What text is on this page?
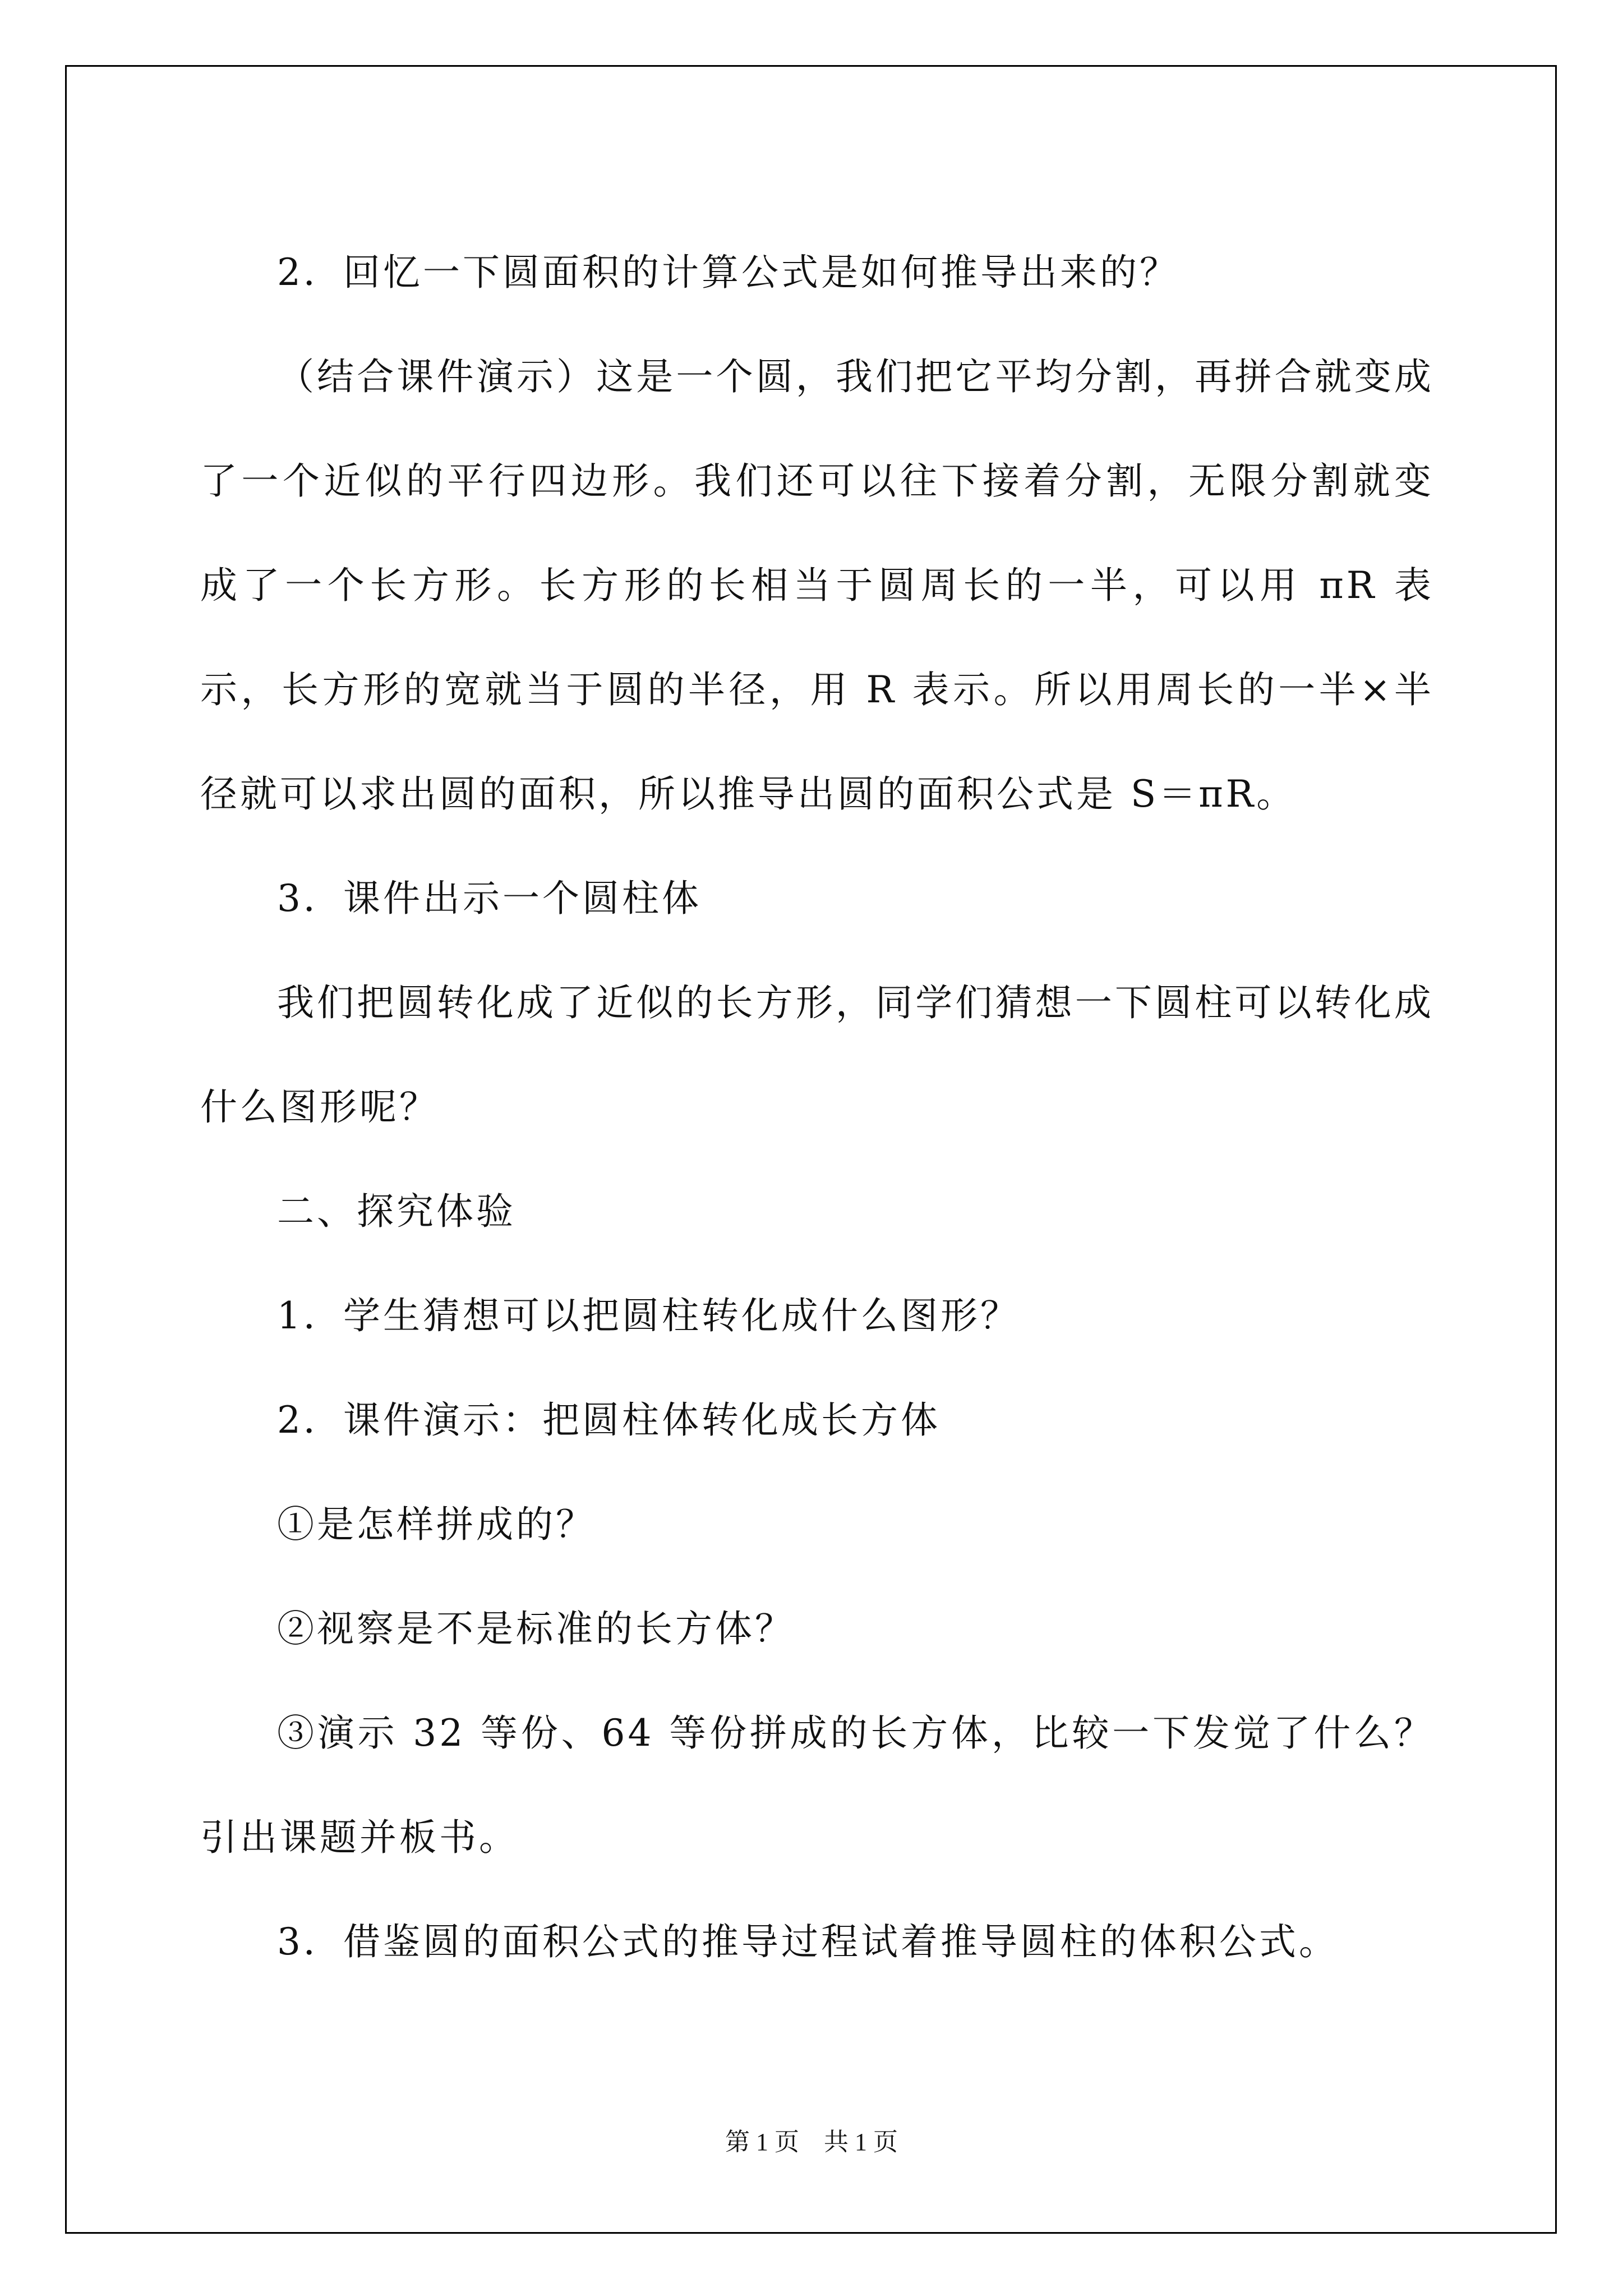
2．回忆一下圆面积的计算公式是如何推导出来的？

（结合课件演示）这是一个圆，我们把它平均分割，再拼合就变成了一个近似的平行四边形。我们还可以往下接着分割，无限分割就变成了一个长方形。长方形的长相当于圆周长的一半，可以用 πR 表示，长方形的宽就当于圆的半径，用 R 表示。所以用周长的一半×半径就可以求出圆的面积，所以推导出圆的面积公式是 S＝πR。

3．课件出示一个圆柱体

我们把圆转化成了近似的长方形，同学们猜想一下圆柱可以转化成什么图形呢？

二、探究体验

1．学生猜想可以把圆柱转化成什么图形？

2．课件演示：把圆柱体转化成长方体

①是怎样拼成的？

②视察是不是标准的长方体？

③演示 32 等份、64 等份拼成的长方体，比较一下发觉了什么？引出课题并板书。

3．借鉴圆的面积公式的推导过程试着推导圆柱的体积公式。

第 1 页　共 1 页
